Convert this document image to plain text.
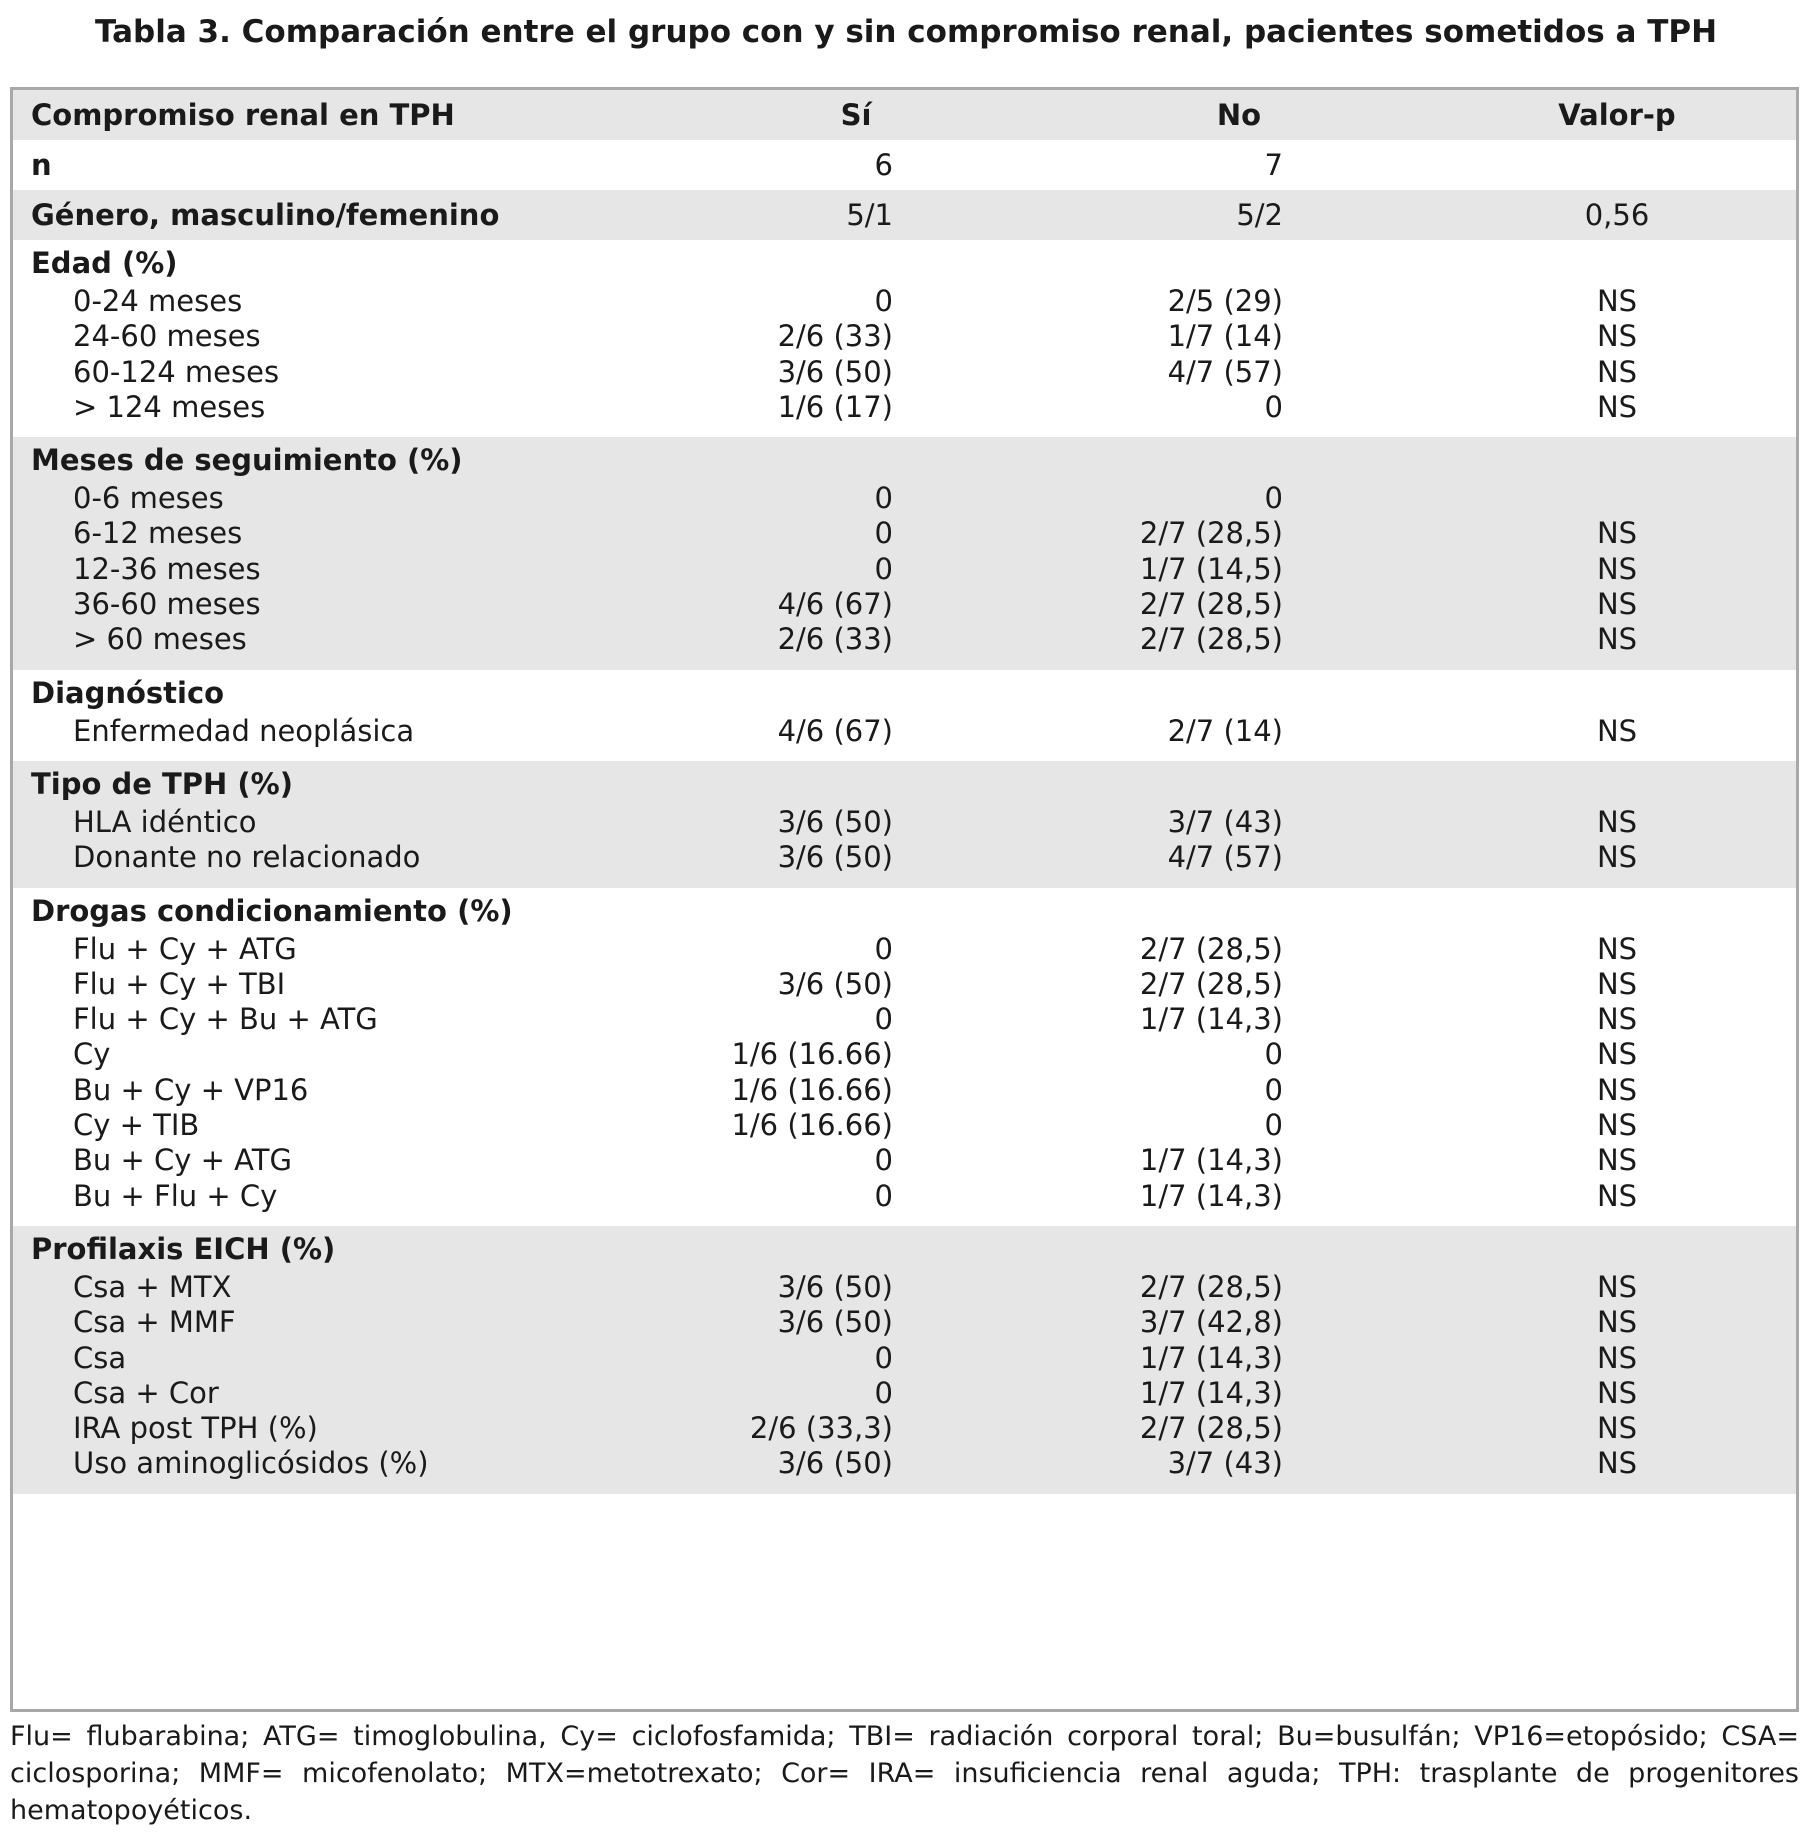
Tabla 3. Comparación entre el grupo con y sin compromiso renal, pacientes sometidos a TPH
Compromiso renal en TPH	Sí	No	Valor-p
n	6	7
Género, masculino/femenino	5/1	5/2	0,56
Edad (%)
0-24 meses	0	2/5 (29)	NS
24-60 meses	2/6 (33)	1/7 (14)	NS
60-124 meses	3/6 (50)	4/7 (57)	NS
> 124 meses	1/6 (17)	0	NS
Meses de seguimiento (%)
0-6 meses	0	0
6-12 meses	0	2/7 (28,5)	NS
12-36 meses	0	1/7 (14,5)	NS
36-60 meses	4/6 (67)	2/7 (28,5)	NS
> 60 meses	2/6 (33)	2/7 (28,5)	NS
Diagnóstico
Enfermedad neoplásica	4/6 (67)	2/7 (14)	NS
Tipo de TPH (%)
HLA idéntico	3/6 (50)	3/7 (43)	NS
Donante no relacionado	3/6 (50)	4/7 (57)	NS
Drogas condicionamiento (%)
Flu + Cy + ATG	0	2/7 (28,5)	NS
Flu + Cy + TBI	3/6 (50)	2/7 (28,5)	NS
Flu + Cy + Bu + ATG	0	1/7 (14,3)	NS
Cy	1/6 (16.66)	0	NS
Bu + Cy + VP16	1/6 (16.66)	0	NS
Cy + TIB	1/6 (16.66)	0	NS
Bu + Cy + ATG	0	1/7 (14,3)	NS
Bu + Flu + Cy	0	1/7 (14,3)	NS
Profilaxis EICH (%)
Csa + MTX	3/6 (50)	2/7 (28,5)	NS
Csa + MMF	3/6 (50)	3/7 (42,8)	NS
Csa	0	1/7 (14,3)	NS
Csa + Cor	0	1/7 (14,3)	NS
IRA post TPH (%)	2/6 (33,3)	2/7 (28,5)	NS
Uso aminoglicósidos (%)	3/6 (50)	3/7 (43)	NS
Flu= flubarabina; ATG= timoglobulina, Cy= ciclofosfamida; TBI= radiación corporal toral; Bu=busulfán; VP16=etopósido; CSA= ciclosporina; MMF= micofenolato; MTX=metotrexato; Cor= IRA= insuficiencia renal aguda; TPH: trasplante de progenitores hematopoyéticos.
